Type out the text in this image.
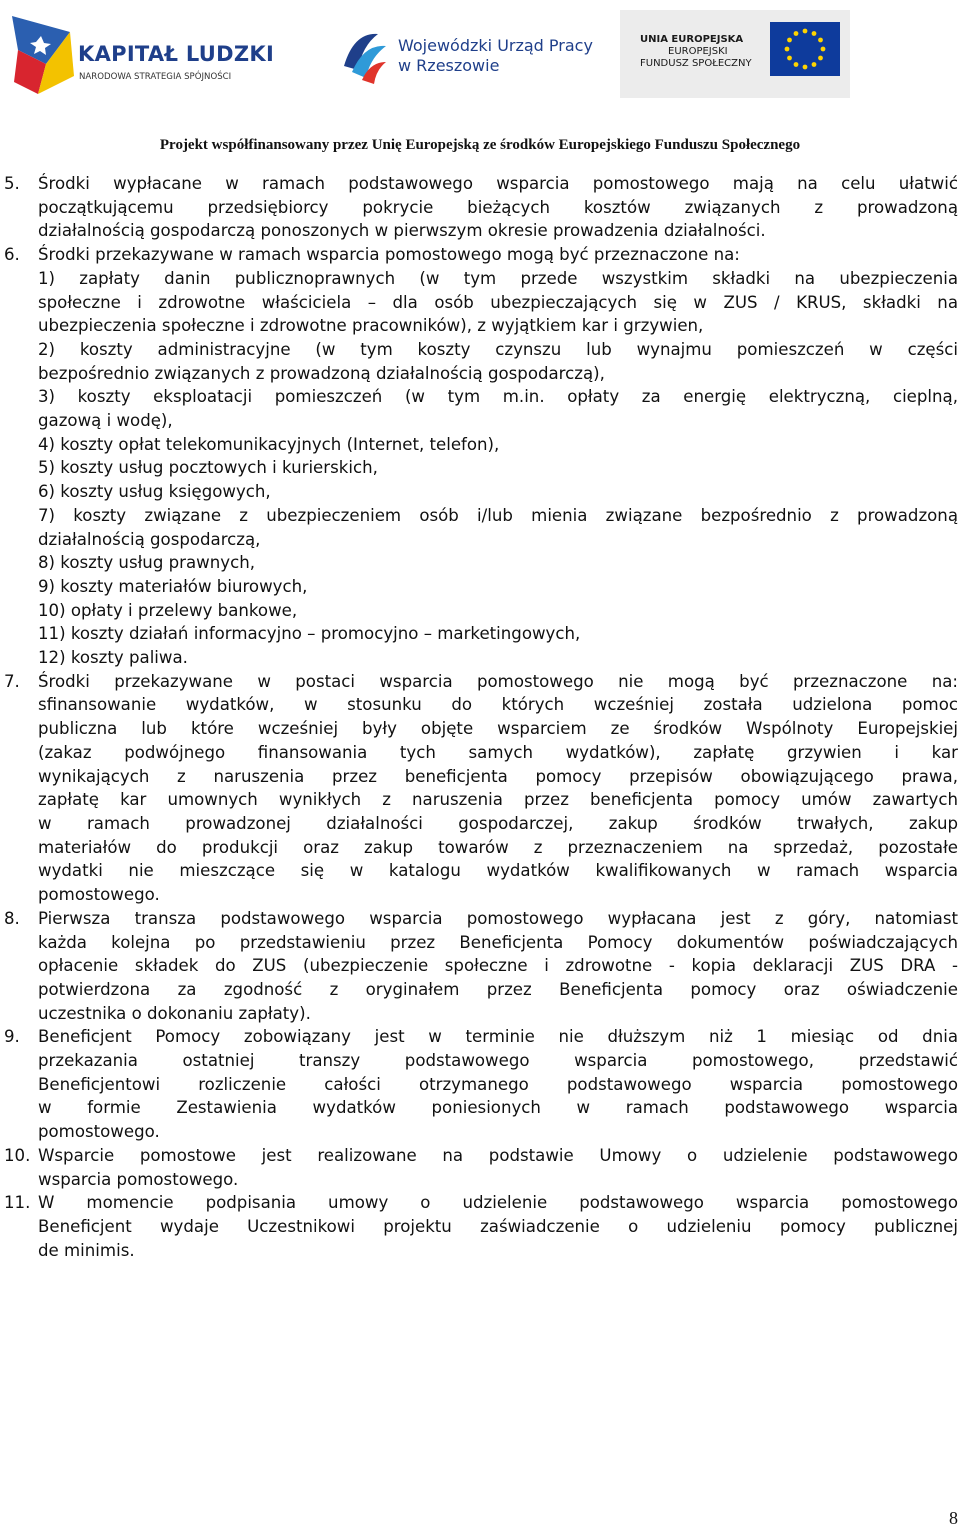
KAPITAŁ LUDZKI
NARODOWA STRATEGIA SPÓJNOŚCI
Wojewódzki Urząd Pracy
w Rzeszowie
UNIA EUROPEJSKA
EUROPEJSKI
FUNDUSZ SPOŁECZNY
Projekt współfinansowany przez Unię Europejską ze środków Europejskiego Funduszu Społecznego
5. Środki wypłacane w ramach podstawowego wsparcia pomostowego mają na celu ułatwić
początkującemu przedsiębiorcy pokrycie bieżących kosztów związanych z prowadzoną
działalnością gospodarczą ponoszonych w pierwszym okresie prowadzenia działalności.
6. Środki przekazywane w ramach wsparcia pomostowego mogą być przeznaczone na:
1) zapłaty danin publicznoprawnych (w tym przede wszystkim składki na ubezpieczenia
społeczne i zdrowotne właściciela – dla osób ubezpieczających się w ZUS / KRUS, składki na
ubezpieczenia społeczne i zdrowotne pracowników), z wyjątkiem kar i grzywien,
2) koszty administracyjne (w tym koszty czynszu lub wynajmu pomieszczeń w części
bezpośrednio związanych z prowadzoną działalnością gospodarczą),
3) koszty eksploatacji pomieszczeń (w tym m.in. opłaty za energię elektryczną, cieplną,
gazową i wodę),
4) koszty opłat telekomunikacyjnych (Internet, telefon),
5) koszty usług pocztowych i kurierskich,
6) koszty usług księgowych,
7) koszty związane z ubezpieczeniem osób i/lub mienia związane bezpośrednio z prowadzoną
działalnością gospodarczą,
8) koszty usług prawnych,
9) koszty materiałów biurowych,
10) opłaty i przelewy bankowe,
11) koszty działań informacyjno – promocyjno – marketingowych,
12) koszty paliwa.
7. Środki przekazywane w postaci wsparcia pomostowego nie mogą być przeznaczone na:
sfinansowanie wydatków, w stosunku do których wcześniej została udzielona pomoc
publiczna lub które wcześniej były objęte wsparciem ze środków Wspólnoty Europejskiej
(zakaz podwójnego finansowania tych samych wydatków), zapłatę grzywien i kar
wynikających z naruszenia przez beneficjenta pomocy przepisów obowiązującego prawa,
zapłatę kar umownych wynikłych z naruszenia przez beneficjenta pomocy umów zawartych
w ramach prowadzonej działalności gospodarczej, zakup środków trwałych, zakup
materiałów do produkcji oraz zakup towarów z przeznaczeniem na sprzedaż, pozostałe
wydatki nie mieszczące się w katalogu wydatków kwalifikowanych w ramach wsparcia
pomostowego.
8. Pierwsza transza podstawowego wsparcia pomostowego wypłacana jest z góry, natomiast
każda kolejna po przedstawieniu przez Beneficjenta Pomocy dokumentów poświadczających
opłacenie składek do ZUS (ubezpieczenie społeczne i zdrowotne - kopia deklaracji ZUS DRA -
potwierdzona za zgodność z oryginałem przez Beneficjenta pomocy oraz oświadczenie
uczestnika o dokonaniu zapłaty).
9. Beneficjent Pomocy zobowiązany jest w terminie nie dłuższym niż 1 miesiąc od dnia
przekazania ostatniej transzy podstawowego wsparcia pomostowego, przedstawić
Beneficjentowi rozliczenie całości otrzymanego podstawowego wsparcia pomostowego
w formie Zestawienia wydatków poniesionych w ramach podstawowego wsparcia
pomostowego.
10. Wsparcie pomostowe jest realizowane na podstawie Umowy o udzielenie podstawowego
wsparcia pomostowego.
11. W momencie podpisania umowy o udzielenie podstawowego wsparcia pomostowego
Beneficjent wydaje Uczestnikowi projektu zaświadczenie o udzieleniu pomocy publicznej
de minimis.
8
